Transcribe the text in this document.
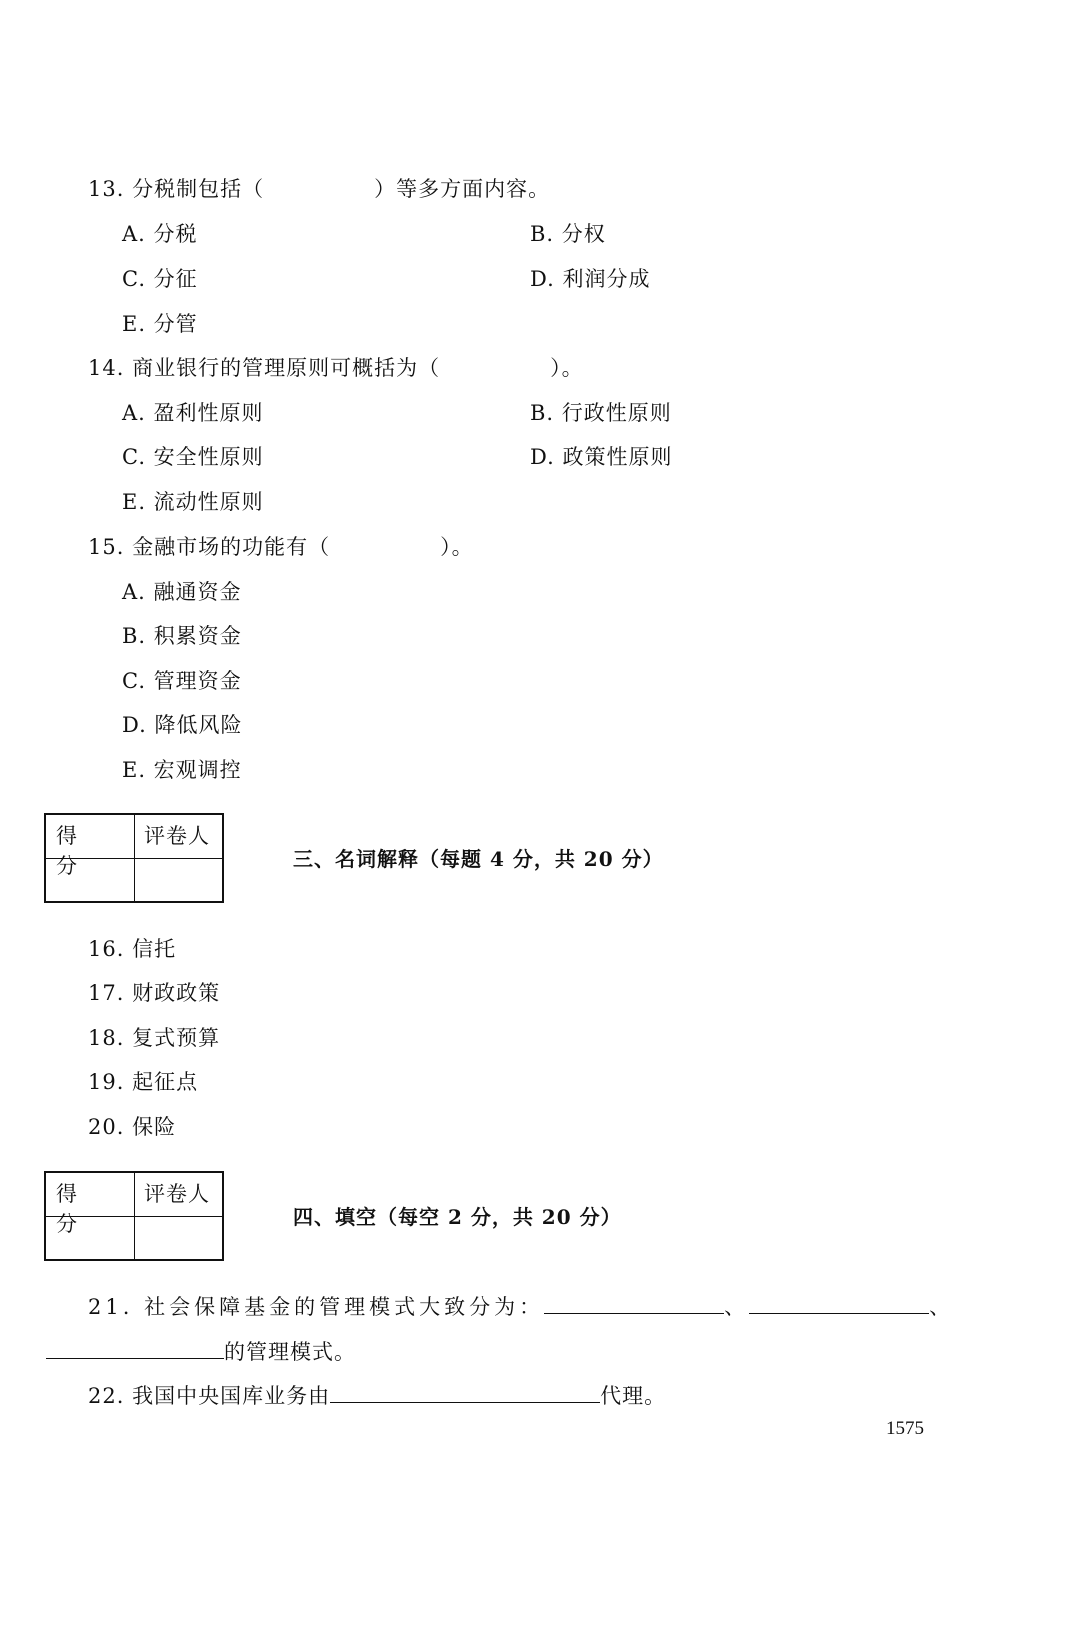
13. 分税制包括（	）等多方面内容。
A. 分税	B. 分权
C. 分征	D. 利润分成
E. 分管
14. 商业银行的管理原则可概括为（	）。
A. 盈利性原则	B. 行政性原则
C. 安全性原则	D. 政策性原则
E. 流动性原则
15. 金融市场的功能有（	）。
A. 融通资金
B. 积累资金
C. 管理资金
D. 降低风险
E. 宏观调控
得分
评卷人
三、名词解释（每题 4 分，共 20 分）
16. 信托
17. 财政政策
18. 复式预算
19. 起征点
20. 保险
得分
评卷人
四、填空（每空 2 分，共 20 分）
21. 社会保障基金的管理模式大致分为：	、	、
的管理模式。
22. 我国中央国库业务由	代理。
1575
